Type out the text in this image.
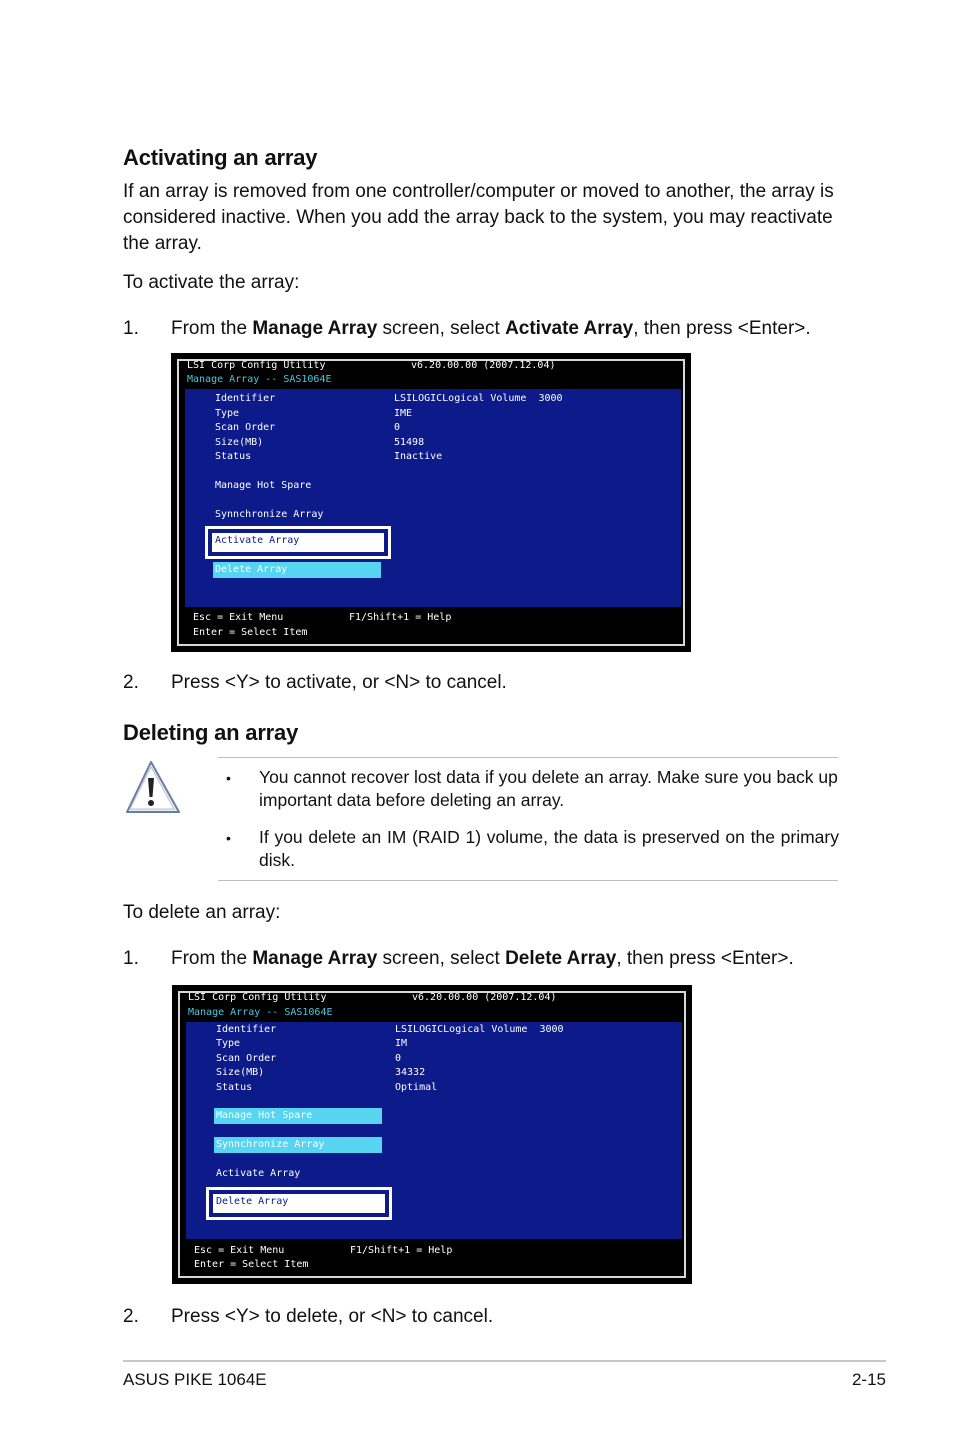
Activating an array
If an array is removed from one controller/computer or moved to another, the array is
considered inactive. When you add the array back to the system, you may reactivate
the array.
To activate the array:
1. From the Manage Array screen, select Activate Array, then press <Enter>.
LSI Corp Config Utility	v6.20.00.00 (2007.12.04)
Manage Array -- SAS1064E
Identifier	LSILOGICLogical Volume  3000
Type	IME
Scan Order	0
Size(MB)	51498
Status	Inactive
Manage Hot Spare
Synnchronize Array
Activate Array
Delete Array
Esc = Exit Menu	F1/Shift+1 = Help
Enter = Select Item
2. Press <Y> to activate, or <N> to cancel.
Deleting an array
• You cannot recover lost data if you delete an array. Make sure you back up
important data before deleting an array.
• If you delete an IM (RAID 1) volume, the data is preserved on the primary
disk.
To delete an array:
1. From the Manage Array screen, select Delete Array, then press <Enter>.
LSI Corp Config Utility	v6.20.00.00 (2007.12.04)
Manage Array -- SAS1064E
Identifier	LSILOGICLogical Volume  3000
Type	IM
Scan Order	0
Size(MB)	34332
Status	Optimal
Manage Hot Spare
Synnchronize Array
Activate Array
Delete Array
Esc = Exit Menu	F1/Shift+1 = Help
Enter = Select Item
2. Press <Y> to delete, or <N> to cancel.
ASUS PIKE 1064E	2-15
